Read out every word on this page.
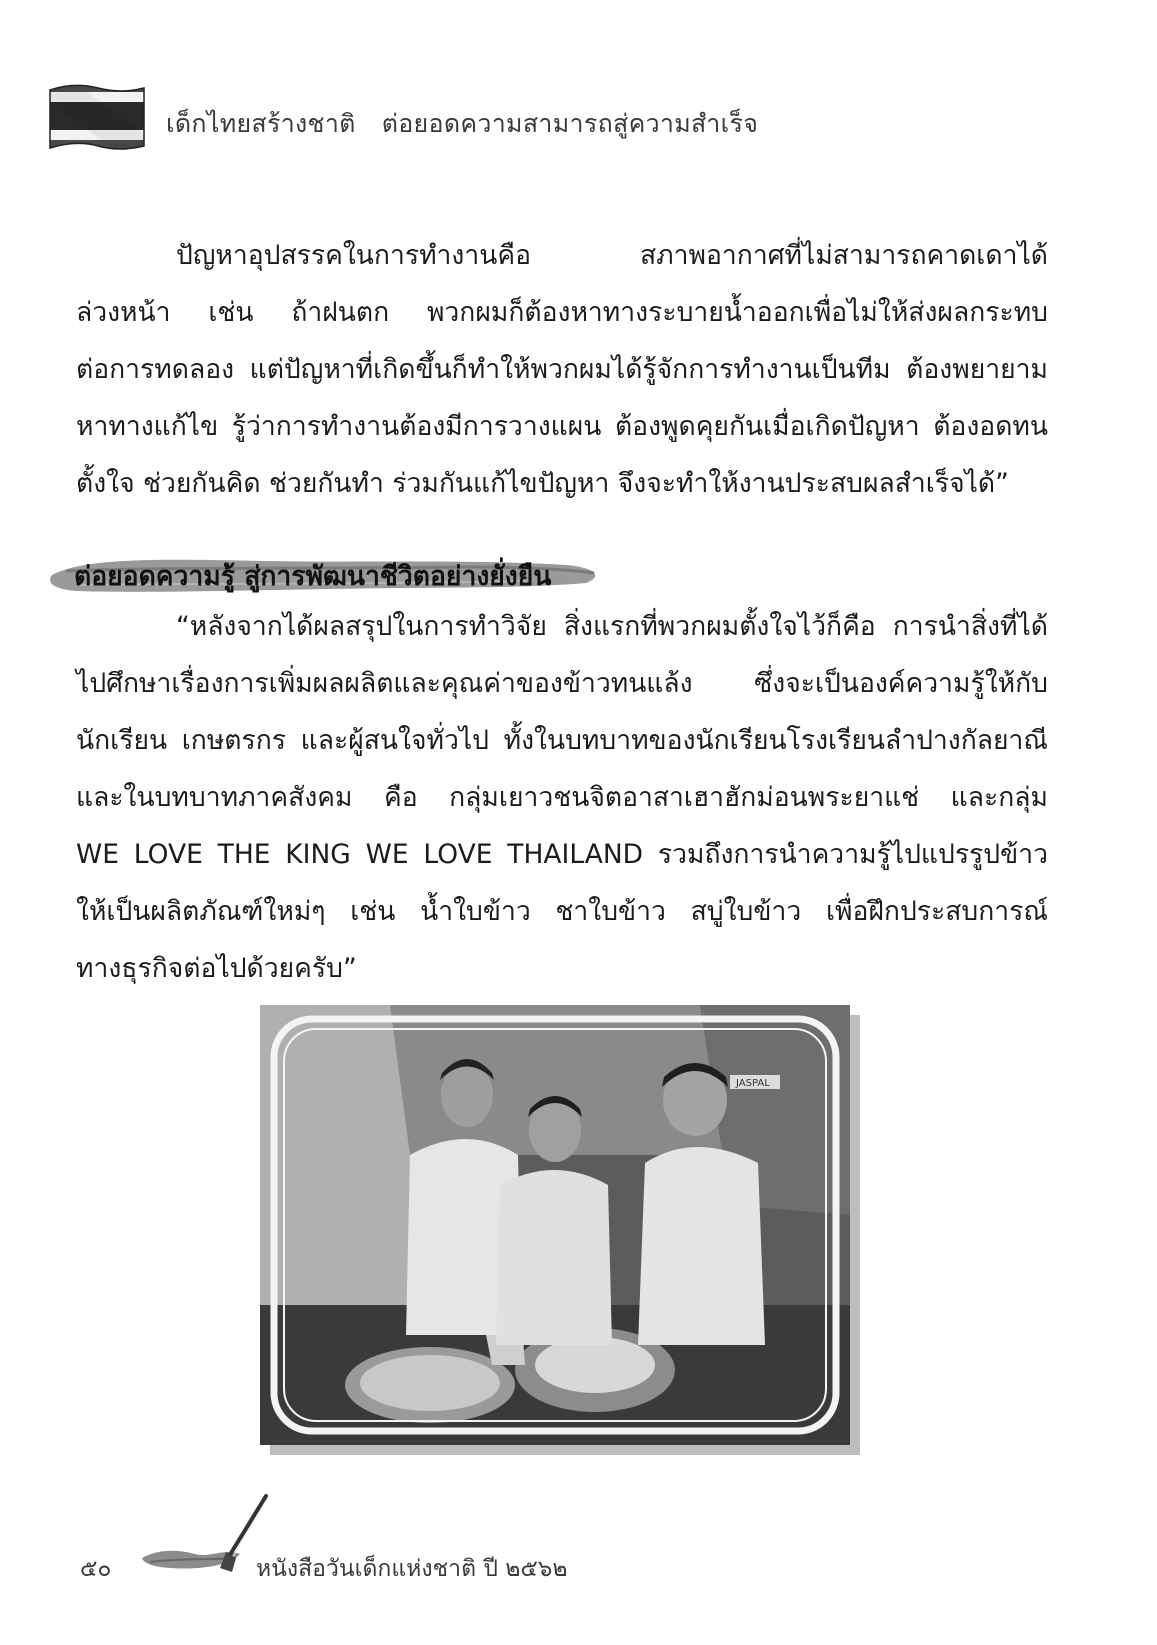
เด็กไทยสร้างชาติ ต่อยอดความสามารถสู่ความสำเร็จ
ปัญหาอุปสรรคในการทำงานคือ สภาพอากาศที่ไม่สามารถคาดเดาได้
ล่วงหน้า เช่น ถ้าฝนตก พวกผมก็ต้องหาทางระบายน้ำออกเพื่อไม่ให้ส่งผลกระทบ
ต่อการทดลอง แต่ปัญหาที่เกิดขึ้นก็ทำให้พวกผมได้รู้จักการทำงานเป็นทีม ต้องพยายาม
หาทางแก้ไข รู้ว่าการทำงานต้องมีการวางแผน ต้องพูดคุยกันเมื่อเกิดปัญหา ต้องอดทน
ตั้งใจ ช่วยกันคิด ช่วยกันทำ ร่วมกันแก้ไขปัญหา จึงจะทำให้งานประสบผลสำเร็จได้”
ต่อยอดความรู้ สู่การพัฒนาชีวิตอย่างยั่งยืน
“หลังจากได้ผลสรุปในการทำวิจัย สิ่งแรกที่พวกผมตั้งใจไว้ก็คือ การนำสิ่งที่ได้
ไปศึกษาเรื่องการเพิ่มผลผลิตและคุณค่าของข้าวทนแล้ง ซึ่งจะเป็นองค์ความรู้ให้กับ
นักเรียน เกษตรกร และผู้สนใจทั่วไป ทั้งในบทบาทของนักเรียนโรงเรียนลำปางกัลยาณี
และในบทบาทภาคสังคม คือ กลุ่มเยาวชนจิตอาสาเฮาฮักม่อนพระยาแช่ และกลุ่ม
WE LOVE THE KING WE LOVE THAILAND รวมถึงการนำความรู้ไปแปรรูปข้าว
ให้เป็นผลิตภัณฑ์ใหม่ๆ เช่น น้ำใบข้าว ชาใบข้าว สบู่ใบข้าว เพื่อฝึกประสบการณ์
ทางธุรกิจต่อไปด้วยครับ”
JASPAL
๕๐	หนังสือวันเด็กแห่งชาติ ปี ๒๕๖๒
